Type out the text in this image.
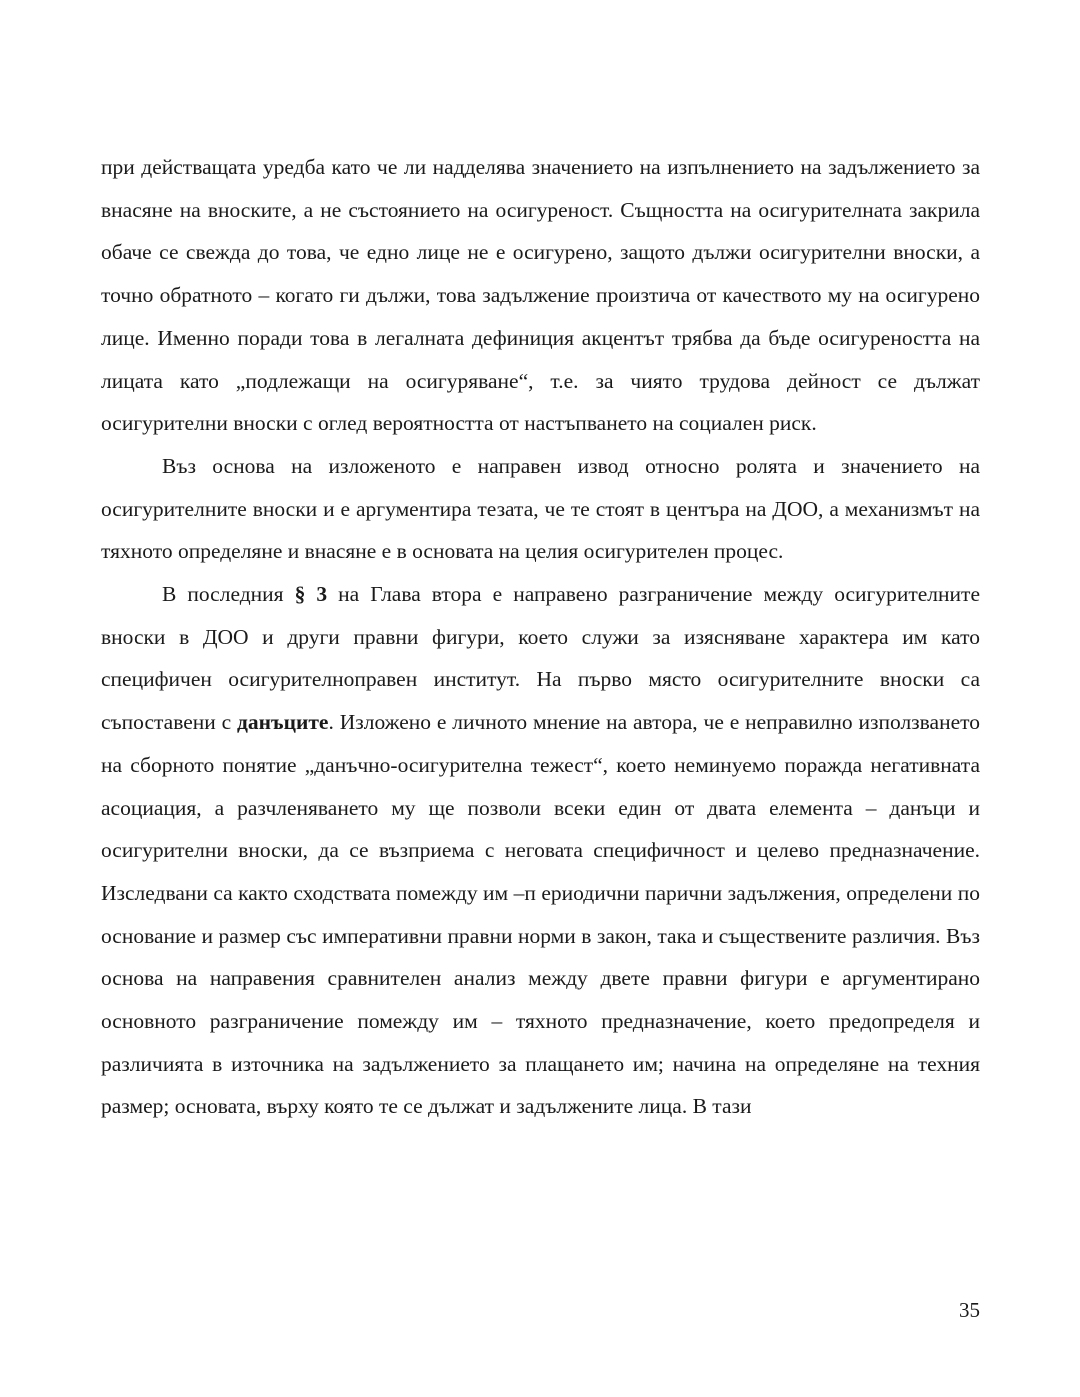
при действащата уредба като че ли надделява значението на изпълнението на задължението за внасяне на вноските, а не състоянието на осигуреност. Същността на осигурителната закрила обаче се свежда до това, че едно лице не е осигурено, защото дължи осигурителни вноски, а точно обратното – когато ги дължи, това задължение произтича от качеството му на осигурено лице. Именно поради това в легалната дефиниция акцентът трябва да бъде осигуреността на лицата като „подлежащи на осигуряване“, т.е. за чиято трудова дейност се дължат осигурителни вноски с оглед вероятността от настъпването на социален риск.

Въз основа на изложеното е направен извод относно ролята и значението на осигурителните вноски и е аргументира тезата, че те стоят в центъра на ДОО, а механизмът на тяхното определяне и внасяне е в основата на целия осигурителен процес.

В последния § 3 на Глава втора е направено разграничение между осигурителните вноски в ДОО и други правни фигури, което служи за изясняване характера им като специфичен осигурителноправен институт. На първо място осигурителните вноски са съпоставени с данъците. Изложено е личното мнение на автора, че е неправилно използването на сборното понятие „данъчно-осигурителна тежест“, което неминуемо поражда негативната асоциация, а разчленяването му ще позволи всеки един от двата елемента – данъци и осигурителни вноски, да се възприема с неговата специфичност и целево предназначение. Изследвани са както сходствата помежду им –п ериодични парични задължения, определени по основание и размер със императивни правни норми в закон, така и съществените различия. Въз основа на направения сравнителен анализ между двете правни фигури е аргументирано основното разграничение помежду им – тяхното предназначение, което предопределя и различията в източника на задължението за плащането им; начина на определяне на техния размер; основата, върху която те се дължат и задължените лица. В тази

35
